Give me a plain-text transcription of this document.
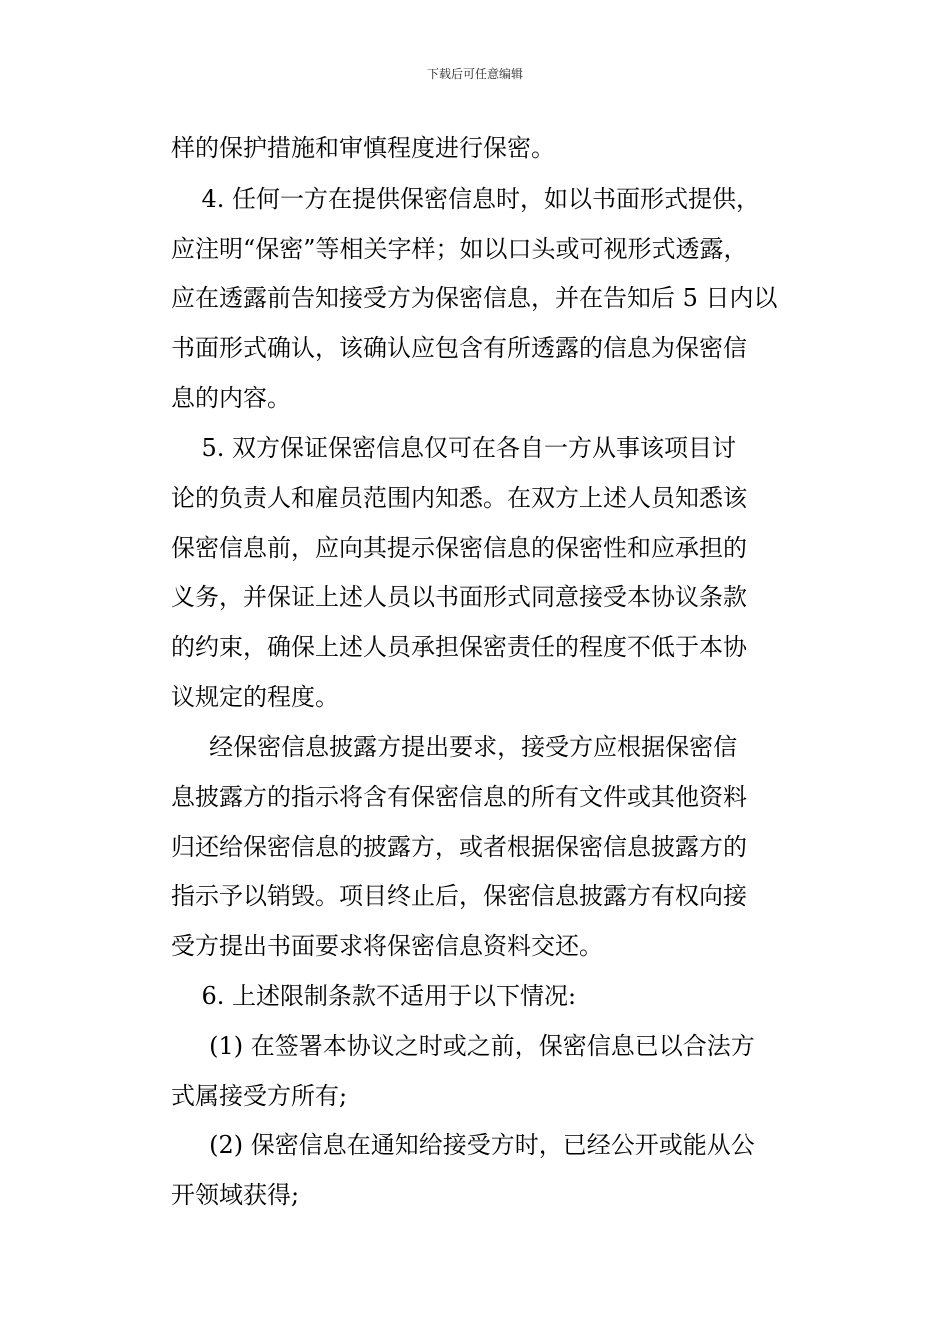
下载后可任意编辑
样的保护措施和审慎程度进行保密。
4. 任何一方在提供保密信息时，如以书面形式提供，
应注明“保密”等相关字样；如以口头或可视形式透露，
应在透露前告知接受方为保密信息，并在告知后 5 日内以
书面形式确认，该确认应包含有所透露的信息为保密信
息的内容。
5. 双方保证保密信息仅可在各自一方从事该项目讨
论的负责人和雇员范围内知悉。在双方上述人员知悉该
保密信息前，应向其提示保密信息的保密性和应承担的
义务，并保证上述人员以书面形式同意接受本协议条款
的约束，确保上述人员承担保密责任的程度不低于本协
议规定的程度。
经保密信息披露方提出要求，接受方应根据保密信
息披露方的指示将含有保密信息的所有文件或其他资料
归还给保密信息的披露方，或者根据保密信息披露方的
指示予以销毁。项目终止后，保密信息披露方有权向接
受方提出书面要求将保密信息资料交还。
6. 上述限制条款不适用于以下情况:
(1) 在签署本协议之时或之前，保密信息已以合法方
式属接受方所有;
(2) 保密信息在通知给接受方时，已经公开或能从公
开领域获得;
